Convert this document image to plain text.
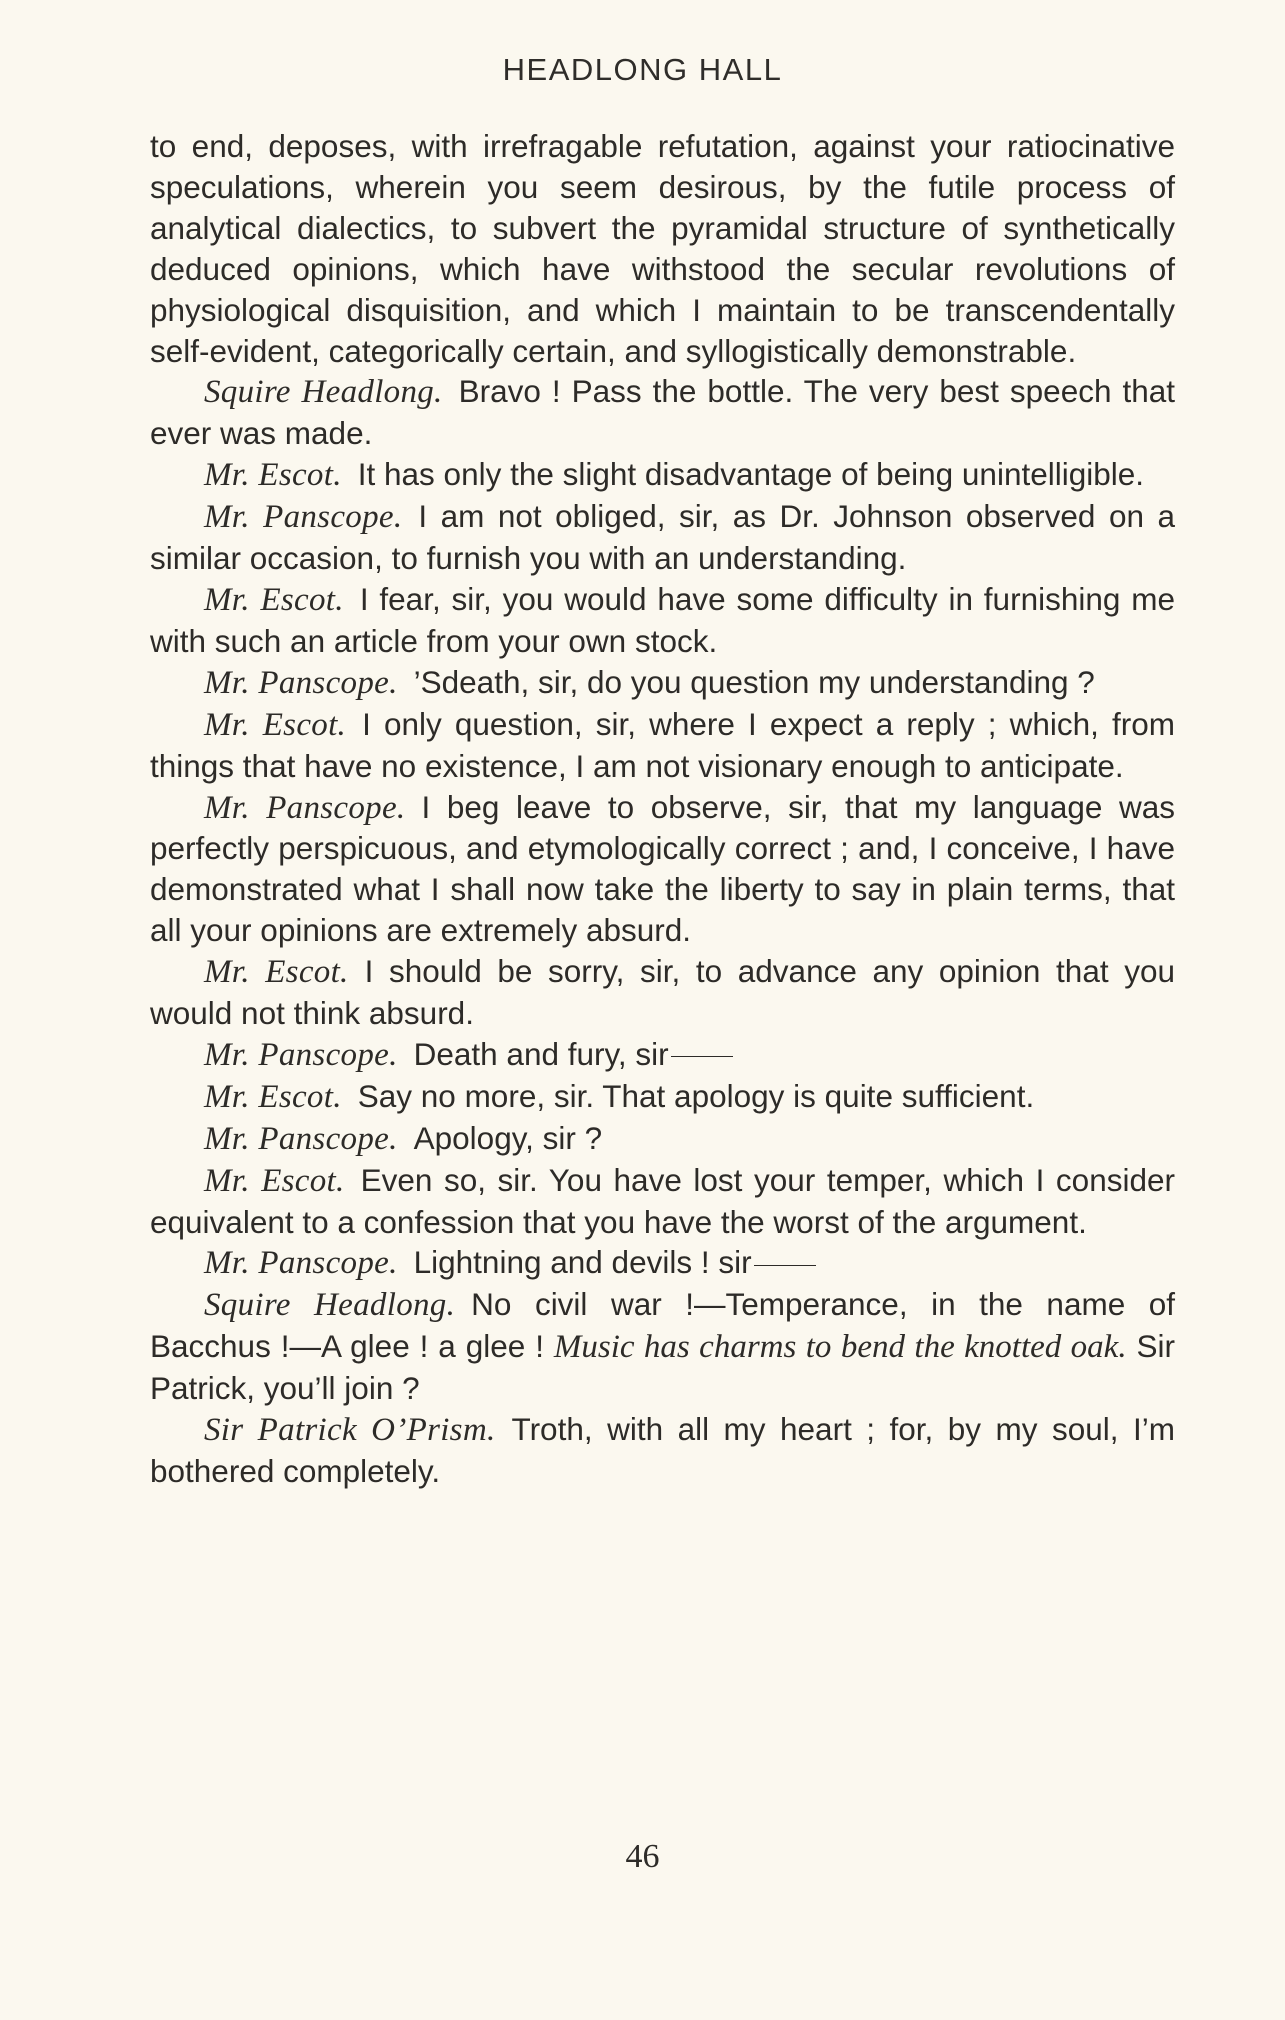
HEADLONG HALL

to end, deposes, with irrefragable refutation, against your ratiocinative speculations, wherein you seem desirous, by the futile process of analytical dialectics, to subvert the pyramidal structure of synthetically deduced opinions, which have withstood the secular revolutions of physiological disquisition, and which I maintain to be transcendentally self-evident, categorically certain, and syllogistically demonstrable.

Squire Headlong. Bravo ! Pass the bottle. The very best speech that ever was made.

Mr. Escot. It has only the slight disadvantage of being unintelligible.

Mr. Panscope. I am not obliged, sir, as Dr. Johnson observed on a similar occasion, to furnish you with an understanding.

Mr. Escot. I fear, sir, you would have some difficulty in furnishing me with such an article from your own stock.

Mr. Panscope. ’Sdeath, sir, do you question my understanding ?

Mr. Escot. I only question, sir, where I expect a reply ; which, from things that have no existence, I am not visionary enough to anticipate.

Mr. Panscope. I beg leave to observe, sir, that my language was perfectly perspicuous, and etymologically correct ; and, I conceive, I have demonstrated what I shall now take the liberty to say in plain terms, that all your opinions are extremely absurd.

Mr. Escot. I should be sorry, sir, to advance any opinion that you would not think absurd.

Mr. Panscope. Death and fury, sir

Mr. Escot. Say no more, sir. That apology is quite sufficient.

Mr. Panscope. Apology, sir ?

Mr. Escot. Even so, sir. You have lost your temper, which I consider equivalent to a confession that you have the worst of the argument.

Mr. Panscope. Lightning and devils ! sir

Squire Headlong. No civil war !—Temperance, in the name of Bacchus !—A glee ! a glee ! Music has charms to bend the knotted oak. Sir Patrick, you’ll join ?

Sir Patrick O’Prism. Troth, with all my heart ; for, by my soul, I’m bothered completely.

46
